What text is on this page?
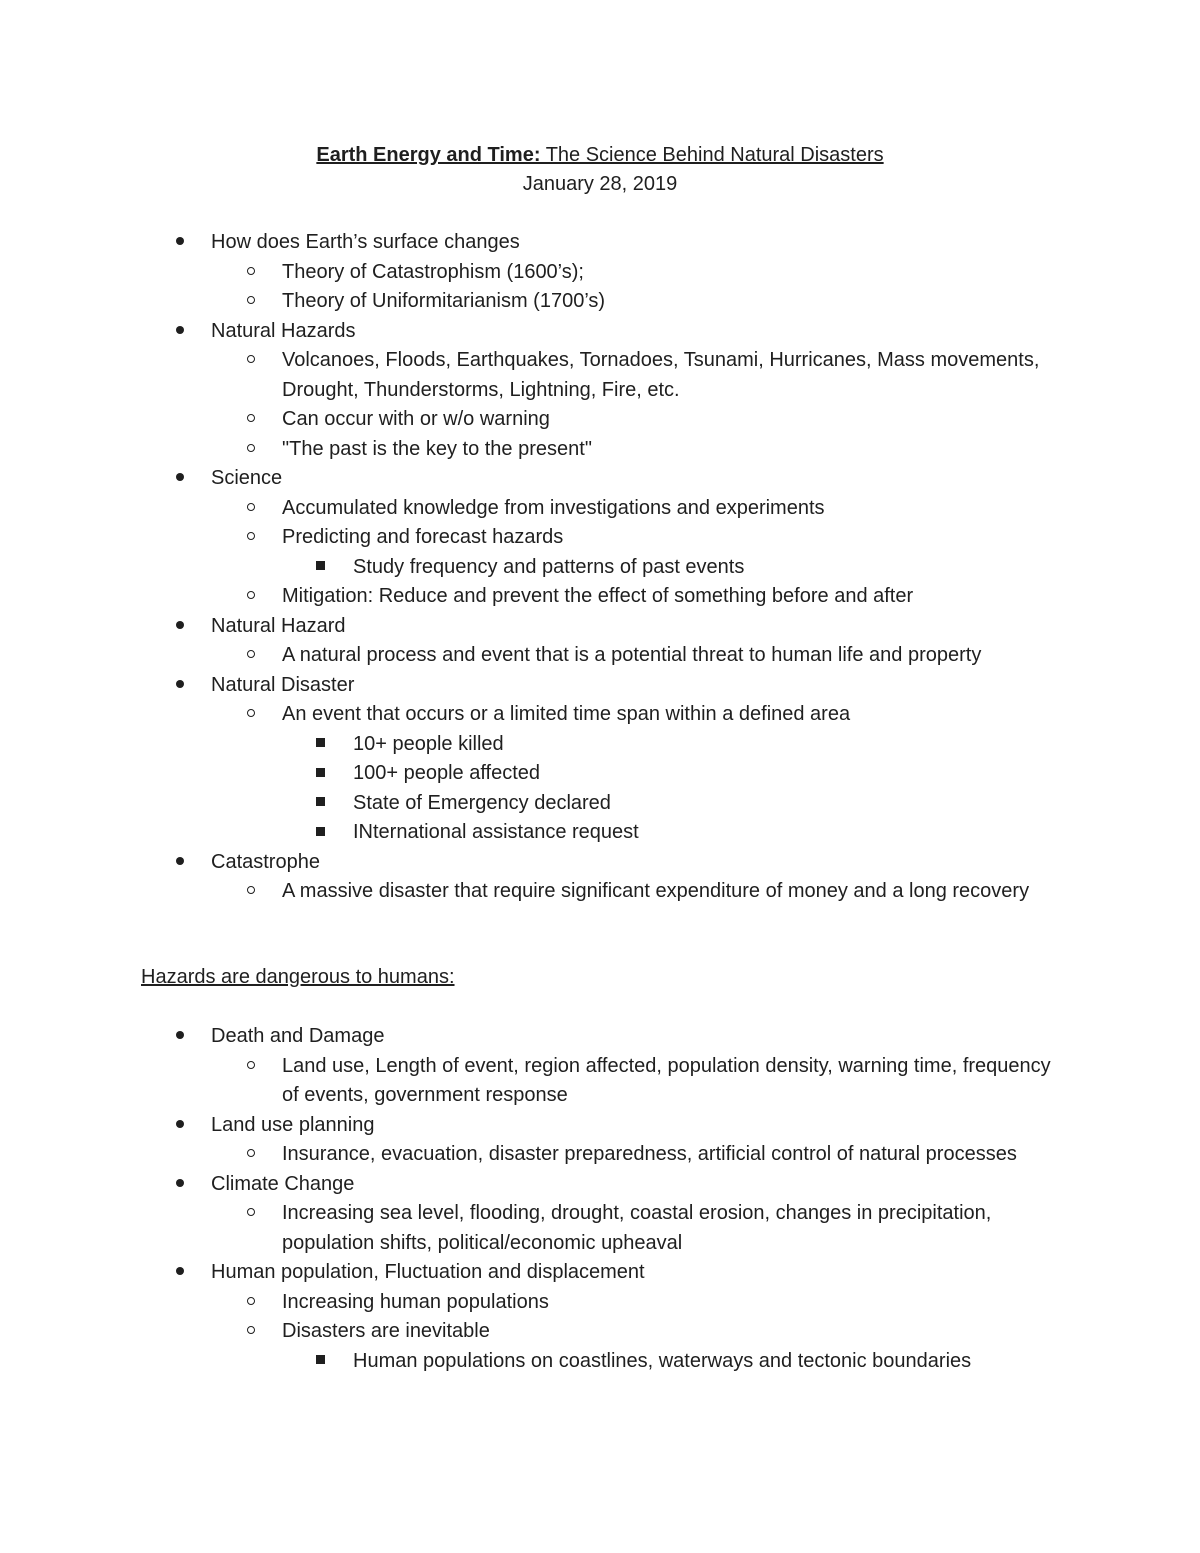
Earth Energy and Time: The Science Behind Natural Disasters
January 28, 2019
How does Earth’s surface changes
Theory of Catastrophism (1600’s);
Theory of Uniformitarianism (1700’s)
Natural Hazards
Volcanoes, Floods, Earthquakes, Tornadoes, Tsunami, Hurricanes, Mass movements, Drought, Thunderstorms, Lightning, Fire, etc.
Can occur with or w/o warning
"The past is the key to the present"
Science
Accumulated knowledge from investigations and experiments
Predicting and forecast hazards
Study frequency and patterns of past events
Mitigation: Reduce and prevent the effect of something before and after
Natural Hazard
A natural process and event that is a potential threat to human life and property
Natural Disaster
An event that occurs or a limited time span within a defined area
10+ people killed
100+ people affected
State of Emergency declared
INternational assistance request
Catastrophe
A massive disaster that require significant expenditure of money and a long recovery
Hazards are dangerous to humans:
Death and Damage
Land use, Length of event, region affected, population density, warning time, frequency of events, government response
Land use planning
Insurance, evacuation, disaster preparedness, artificial control of natural processes
Climate Change
Increasing sea level, flooding, drought, coastal erosion, changes in precipitation, population shifts, political/economic upheaval
Human population, Fluctuation and displacement
Increasing human populations
Disasters are inevitable
Human populations on coastlines, waterways and tectonic boundaries
